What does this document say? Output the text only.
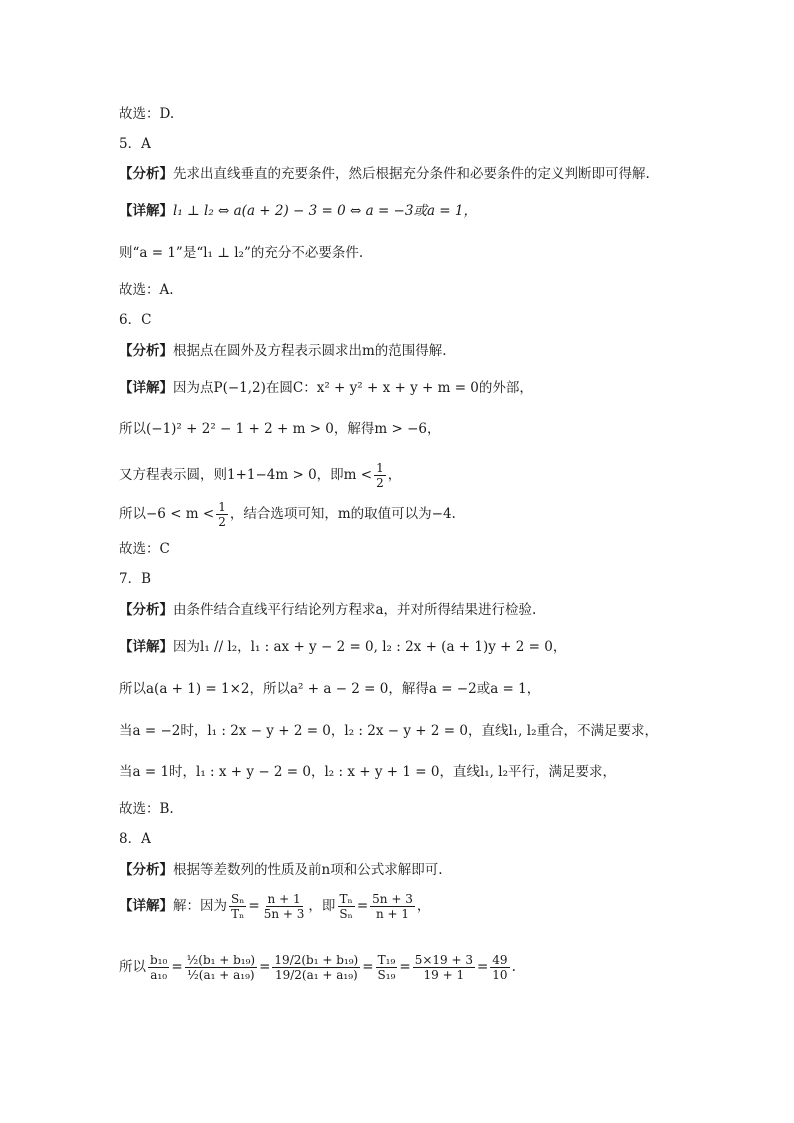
故选：D.
5．A
【分析】 先求出直线垂直的充要条件，然后根据充分条件和必要条件的定义判断即可得解.
【详解】 l₁ ⊥ l₂ ⇔ a(a + 2) − 3 = 0 ⇔ a = −3或a = 1，
则“a = 1”是“l₁ ⊥ l₂”的充分不必要条件.
故选：A.
6．C
【分析】 根据点在圆外及方程表示圆求出m的范围得解.
【详解】 因为点P(−1,2)在圆C：x² + y² + x + y + m = 0的外部，
所以(−1)² + 2² − 1 + 2 + m > 0，解得m > −6，
又方程表示圆，则1+1−4m > 0，即$m < \frac{1}{2}$ ，
所以$-6 < m < \frac{1}{2}$ ，结合选项可知，m的取值可以为−4.
故选：C
7．B
【分析】 由条件结合直线平行结论列方程求a，并对所得结果进行检验.
【详解】 因为l₁ // l₂，l₁ : ax + y − 2 = 0, l₂ : 2x + (a + 1)y + 2 = 0，
所以a(a + 1) = 1×2，所以a² + a − 2 = 0，解得a = −2或a = 1，
当a = −2时，l₁ : 2x − y + 2 = 0，l₂ : 2x − y + 2 = 0，直线l₁, l₂重合，不满足要求，
当a = 1时，l₁ : x + y − 2 = 0，l₂ : x + y + 1 = 0，直线l₁, l₂平行，满足要求，
故选：B.
8．A
【分析】 根据等差数列的性质及前n项和公式求解即可.
【详解】 解：因为 $\frac{\text{Sₙ}}{\text{Tₙ}} = \frac{n + 1}{5n + 3}$ ，即 $\frac{\text{Tₙ}}{\text{Sₙ}} = \frac{5n + 3}{n + 1}$ ，
所以 $\frac{\text{b₁₀}}{\text{a₁₀}} = \frac{\text{½(b₁ + b₁₉)}}{\text{½(a₁ + a₁₉)}} = \frac{\text{19/2(b₁ + b₁₉)}}{\text{19/2(a₁ + a₁₉)}} = \frac{\text{T₁₉}}{\text{S₁₉}} = \frac{5\times 19 + 3}{19 + 1} = \frac{49}{10}$ .
